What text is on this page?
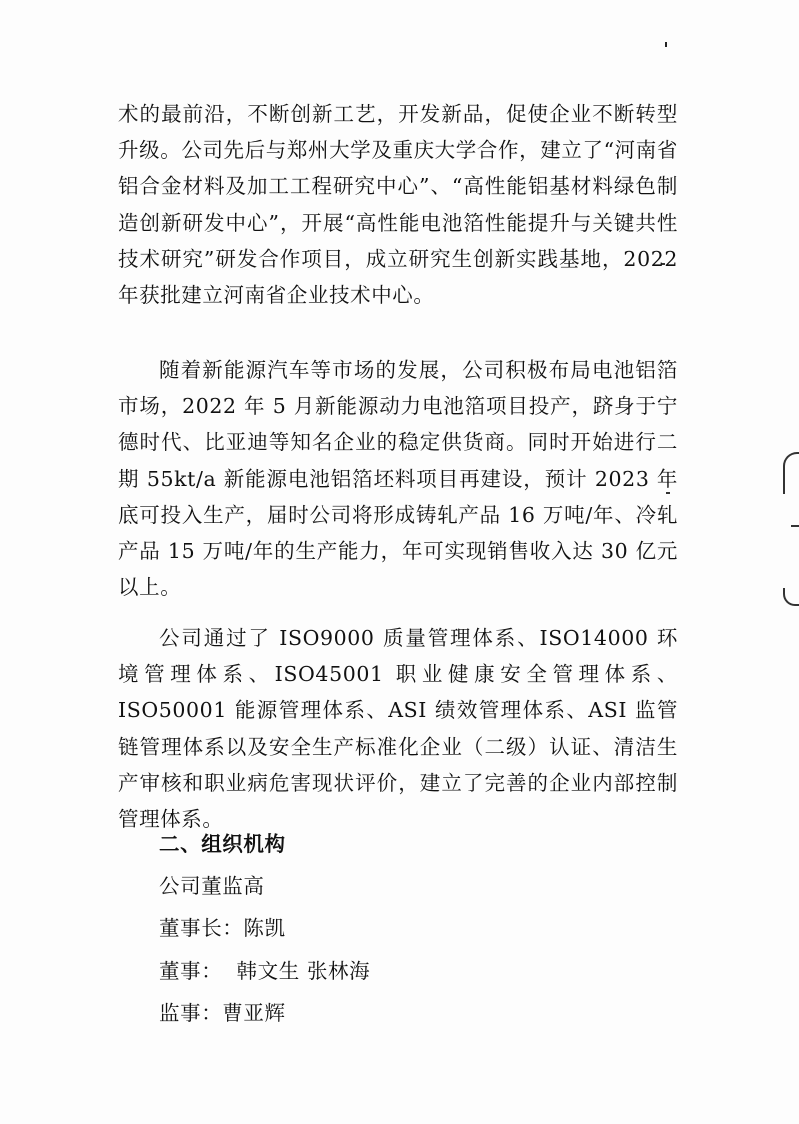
术的最前沿，不断创新工艺，开发新品，促使企业不断转型升级。公司先后与郑州大学及重庆大学合作，建立了“河南省铝合金材料及加工工程研究中心”、“高性能铝基材料绿色制造创新研发中心”，开展“高性能电池箔性能提升与关键共性技术研究”研发合作项目，成立研究生创新实践基地，2022 年获批建立河南省企业技术中心。
随着新能源汽车等市场的发展，公司积极布局电池铝箔市场，2022 年 5 月新能源动力电池箔项目投产，跻身于宁德时代、比亚迪等知名企业的稳定供货商。同时开始进行二期 55kt/a 新能源电池铝箔坯料项目再建设，预计 2023 年底可投入生产，届时公司将形成铸轧产品 16 万吨/年、冷轧产品 15 万吨/年的生产能力，年可实现销售收入达 30 亿元以上。
公司通过了 ISO9000 质量管理体系、ISO14000 环境管理体系、ISO45001 职业健康安全管理体系、ISO50001 能源管理体系、ASI 绩效管理体系、ASI 监管链管理体系以及安全生产标准化企业（二级）认证、清洁生产审核和职业病危害现状评价，建立了完善的企业内部控制管理体系。
二、组织机构
公司董监高
董事长：陈凯
董事：  韩文生 张林海
监事：曹亚辉
